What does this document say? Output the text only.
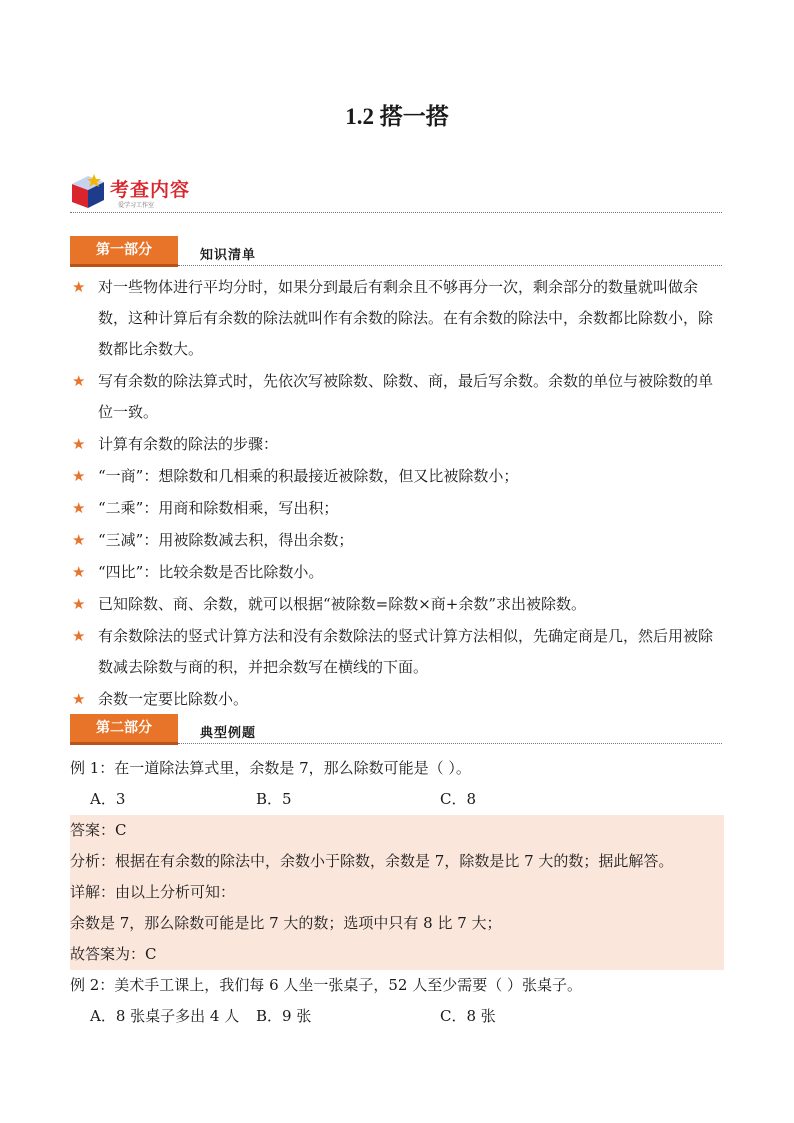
1.2 搭一搭
考查内容
爱学习工作室
第一部分	知识清单
★ 对一些物体进行平均分时，如果分到最后有剩余且不够再分一次，剩余部分的数量就叫做余数，这种计算后有余数的除法就叫作有余数的除法。在有余数的除法中，余数都比除数小，除数都比余数大。
★ 写有余数的除法算式时，先依次写被除数、除数、商，最后写余数。余数的单位与被除数的单位一致。
★ 计算有余数的除法的步骤：
★ “一商”：想除数和几相乘的积最接近被除数，但又比被除数小；
★ “二乘”：用商和除数相乘，写出积；
★ “三减”：用被除数减去积，得出余数；
★ “四比”：比较余数是否比除数小。
★ 已知除数、商、余数，就可以根据“被除数=除数×商+余数”求出被除数。
★ 有余数除法的竖式计算方法和没有余数除法的竖式计算方法相似，先确定商是几，然后用被除数减去除数与商的积，并把余数写在横线的下面。
★ 余数一定要比除数小。
第二部分	典型例题
例 1：在一道除法算式里，余数是 7，那么除数可能是（ ）。
A．3	B．5	C．8
答案：C
分析：根据在有余数的除法中，余数小于除数，余数是 7，除数是比 7 大的数；据此解答。
详解：由以上分析可知：
余数是 7，那么除数可能是比 7 大的数；选项中只有 8 比 7 大；
故答案为：C
例 2：美术手工课上，我们每 6 人坐一张桌子，52 人至少需要（ ）张桌子。
A．8 张桌子多出 4 人 B．9 张	C．8 张
